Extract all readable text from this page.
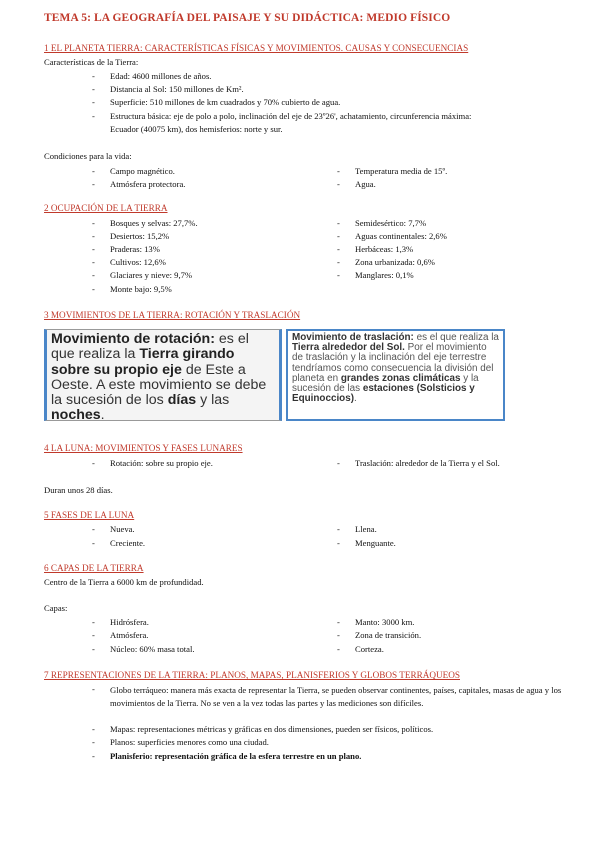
TEMA 5: LA GEOGRAFÍA DEL PAISAJE Y SU DIDÁCTICA: MEDIO FÍSICO
1 EL PLANETA TIERRA: CARACTERÍSTICAS FÍSICAS Y MOVIMIENTOS. CAUSAS Y CONSECUENCIAS
Características de la Tierra:
- Edad: 4600 millones de años.
- Distancia al Sol: 150 millones de Km².
- Superficie: 510 millones de km cuadrados y 70% cubierto de agua.
- Estructura básica: eje de polo a polo, inclinación del eje de 23º26', achatamiento, circunferencia máxima:
Ecuador (40075 km), dos hemisferios: norte y sur.
Condiciones para la vida:
- Campo magnético.
- Atmósfera protectora.
- Temperatura media de 15º.
- Agua.
2 OCUPACIÓN DE LA TIERRA
- Bosques y selvas: 27,7%.
- Desiertos: 15,2%
- Praderas: 13%
- Cultivos: 12,6%
- Glaciares y nieve: 9,7%
- Monte bajo: 9,5%
- Semidesértico: 7,7%
- Aguas continentales: 2,6%
- Herbáceas: 1,3%
- Zona urbanizada: 0,6%
- Manglares: 0,1%
3 MOVIMIENTOS DE LA TIERRA: ROTACIÓN Y TRASLACIÓN
Movimiento de rotación: es el que realiza la Tierra girando sobre su propio eje de Este a Oeste. A este movimiento se debe la sucesión de los días y las noches.
Movimiento de traslación: es el que realiza la Tierra alrededor del Sol. Por el movimiento de traslación y la inclinación del eje terrestre tendríamos como consecuencia la división del planeta en grandes zonas climáticas y la sucesión de las estaciones (Solsticios y Equinoccios).
4 LA LUNA: MOVIMIENTOS Y FASES LUNARES
- Rotación: sobre su propio eje.	- Traslación: alrededor de la Tierra y el Sol.
Duran unos 28 días.
5 FASES DE LA LUNA
- Nueva.
- Creciente.
- Llena.
- Menguante.
6 CAPAS DE LA TIERRA
Centro de la Tierra a 6000 km de profundidad.
Capas:
- Hidrósfera.
- Atmósfera.
- Núcleo: 60% masa total.
- Manto: 3000 km.
- Zona de transición.
- Corteza.
7 REPRESENTACIONES DE LA TIERRA: PLANOS, MAPAS, PLANISFERIOS Y GLOBOS TERRÁQUEOS
- Globo terráqueo: manera más exacta de representar la Tierra, se pueden observar continentes, países, capitales, masas de agua y los movimientos de la Tierra. No se ven a la vez todas las partes y las mediciones son difíciles.
- Mapas: representaciones métricas y gráficas en dos dimensiones, pueden ser físicos, políticos.
- Planos: superficies menores como una ciudad.
- Planisferio: representación gráfica de la esfera terrestre en un plano.
